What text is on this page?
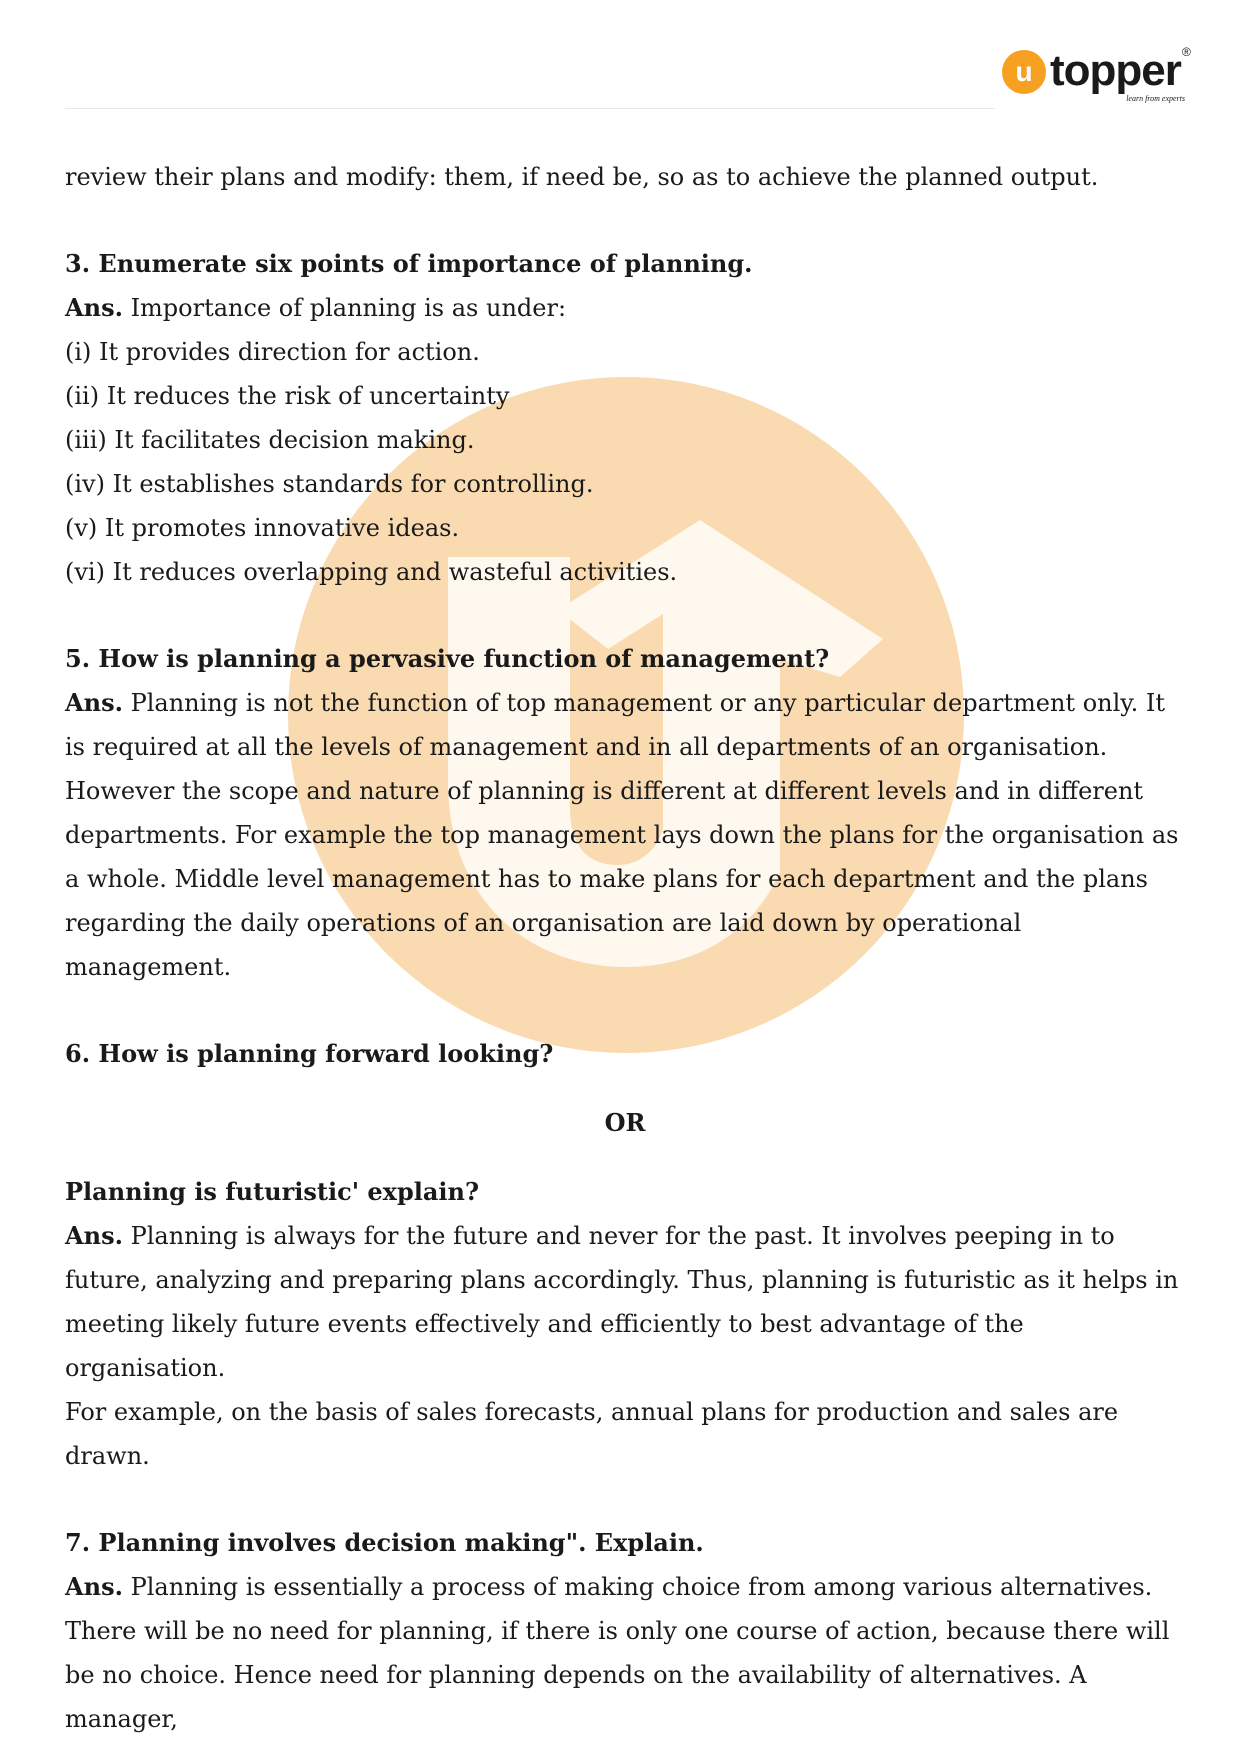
u topper ®
learn from experts

review their plans and modify: them, if need be, so as to achieve the planned output.

3. Enumerate six points of importance of planning.

Ans. Importance of planning is as under:

(i) It provides direction for action.

(ii) It reduces the risk of uncertainty

(iii) It facilitates decision making.

(iv) It establishes standards for controlling.

(v) It promotes innovative ideas.

(vi) It reduces overlapping and wasteful activities.

5. How is planning a pervasive function of management?

Ans. Planning is not the function of top management or any particular department only. It is required at all the levels of management and in all departments of an organisation. However the scope and nature of planning is different at different levels and in different departments. For example the top management lays down the plans for the organisation as a whole. Middle level management has to make plans for each department and the plans regarding the daily operations of an organisation are laid down by operational management.

6. How is planning forward looking?

OR

Planning is futuristic' explain?

Ans. Planning is always for the future and never for the past. It involves peeping in to future, analyzing and preparing plans accordingly. Thus, planning is futuristic as it helps in meeting likely future events effectively and efficiently to best advantage of the organisation.

For example, on the basis of sales forecasts, annual plans for production and sales are drawn.

7. Planning involves decision making". Explain.

Ans. Planning is essentially a process of making choice from among various alternatives. There will be no need for planning, if there is only one course of action, because there will be no choice. Hence need for planning depends on the availability of alternatives. A manager,
